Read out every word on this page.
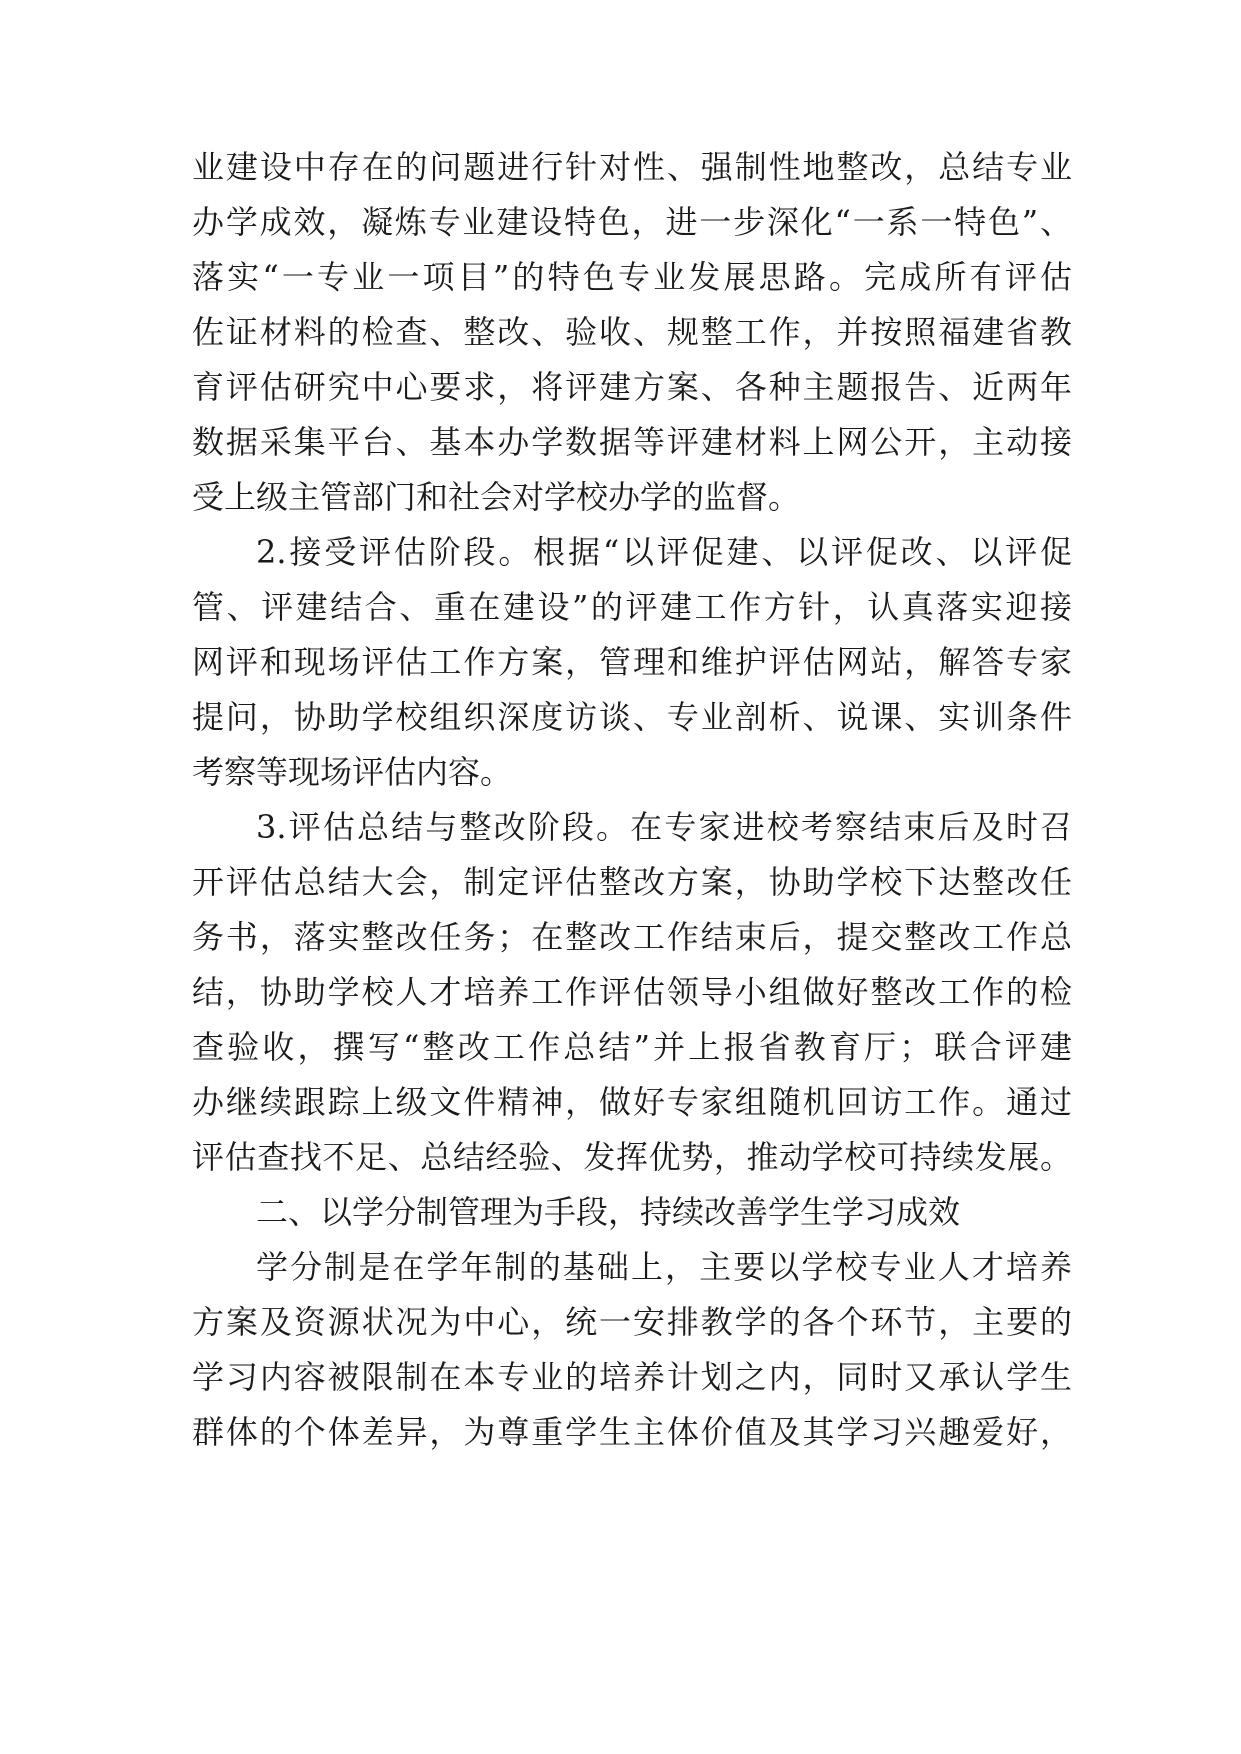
业建设中存在的问题进行针对性、强制性地整改，总结专业
办学成效，凝炼专业建设特色，进一步深化“一系一特色”、
落实“一专业一项目”的特色专业发展思路。完成所有评估
佐证材料的检查、整改、验收、规整工作，并按照福建省教
育评估研究中心要求，将评建方案、各种主题报告、近两年
数据采集平台、基本办学数据等评建材料上网公开，主动接
受上级主管部门和社会对学校办学的监督。
2.接受评估阶段。根据“以评促建、以评促改、以评促
管、评建结合、重在建设”的评建工作方针，认真落实迎接
网评和现场评估工作方案，管理和维护评估网站，解答专家
提问，协助学校组织深度访谈、专业剖析、说课、实训条件
考察等现场评估内容。
3.评估总结与整改阶段。在专家进校考察结束后及时召
开评估总结大会，制定评估整改方案，协助学校下达整改任
务书，落实整改任务；在整改工作结束后，提交整改工作总
结，协助学校人才培养工作评估领导小组做好整改工作的检
查验收，撰写“整改工作总结”并上报省教育厅；联合评建
办继续跟踪上级文件精神，做好专家组随机回访工作。通过
评估查找不足、总结经验、发挥优势，推动学校可持续发展。
二、以学分制管理为手段，持续改善学生学习成效
学分制是在学年制的基础上，主要以学校专业人才培养
方案及资源状况为中心，统一安排教学的各个环节，主要的
学习内容被限制在本专业的培养计划之内，同时又承认学生
群体的个体差异，为尊重学生主体价值及其学习兴趣爱好，
